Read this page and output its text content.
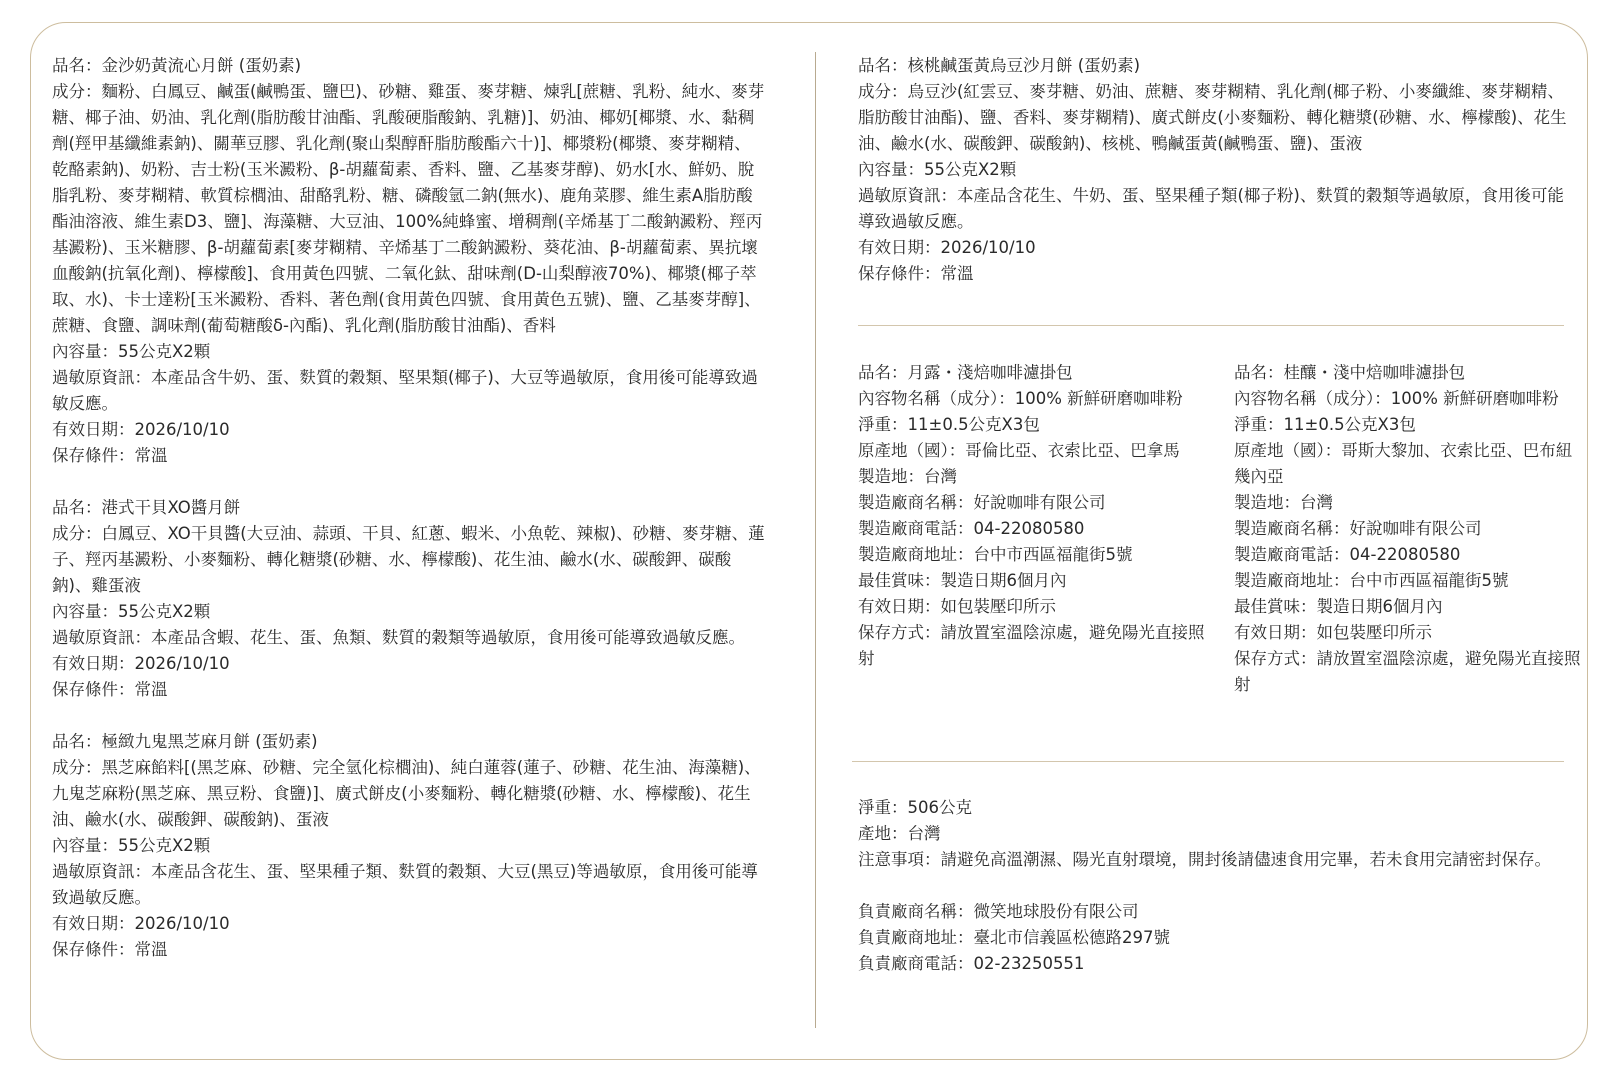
品名：金沙奶黃流心月餅 (蛋奶素)

成分：麵粉、白鳳豆、鹹蛋(鹹鴨蛋、鹽巴)、砂糖、雞蛋、麥芽糖、煉乳[蔗糖、乳粉、純水、麥芽糖、椰子油、奶油、乳化劑(脂肪酸甘油酯、乳酸硬脂酸鈉、乳糖)]、奶油、椰奶[椰漿、水、黏稠劑(羥甲基纖維素鈉)、關華豆膠、乳化劑(聚山梨醇酐脂肪酸酯六十)]、椰漿粉(椰漿、麥芽糊精、乾酪素鈉)、奶粉、吉士粉(玉米澱粉、β-胡蘿蔔素、香料、鹽、乙基麥芽醇)、奶水[水、鮮奶、脫脂乳粉、麥芽糊精、軟質棕櫚油、甜酪乳粉、糖、磷酸氫二鈉(無水)、鹿角菜膠、維生素A脂肪酸酯油溶液、維生素D3、鹽]、海藻糖、大豆油、100%純蜂蜜、增稠劑(辛烯基丁二酸鈉澱粉、羥丙基澱粉)、玉米糖膠、β-胡蘿蔔素[麥芽糊精、辛烯基丁二酸鈉澱粉、葵花油、β-胡蘿蔔素、異抗壞血酸鈉(抗氧化劑)、檸檬酸]、食用黃色四號、二氧化鈦、甜味劑(D-山梨醇液70%)、椰漿(椰子萃取、水)、卡士達粉[玉米澱粉、香料、著色劑(食用黃色四號、食用黃色五號)、鹽、乙基麥芽醇]、蔗糖、食鹽、調味劑(葡萄糖酸δ-內酯)、乳化劑(脂肪酸甘油酯)、香料

內容量：55公克X2顆

過敏原資訊：本產品含牛奶、蛋、麩質的穀類、堅果類(椰子)、大豆等過敏原，食用後可能導致過敏反應。

有效日期：2026/10/10

保存條件：常溫

品名：港式干貝XO醬月餅

成分：白鳳豆、XO干貝醬(大豆油、蒜頭、干貝、紅蔥、蝦米、小魚乾、辣椒)、砂糖、麥芽糖、蓮子、羥丙基澱粉、小麥麵粉、轉化糖漿(砂糖、水、檸檬酸)、花生油、鹼水(水、碳酸鉀、碳酸鈉)、雞蛋液

內容量：55公克X2顆

過敏原資訊：本產品含蝦、花生、蛋、魚類、麩質的穀類等過敏原，食用後可能導致過敏反應。

有效日期：2026/10/10

保存條件：常溫

品名：極緻九鬼黑芝麻月餅 (蛋奶素)

成分：黑芝麻餡料[(黑芝麻、砂糖、完全氫化棕櫚油)、純白蓮蓉(蓮子、砂糖、花生油、海藻糖)、九鬼芝麻粉(黑芝麻、黑豆粉、食鹽)]、廣式餅皮(小麥麵粉、轉化糖漿(砂糖、水、檸檬酸)、花生油、鹼水(水、碳酸鉀、碳酸鈉)、蛋液

內容量：55公克X2顆

過敏原資訊：本產品含花生、蛋、堅果種子類、麩質的穀類、大豆(黑豆)等過敏原，食用後可能導致過敏反應。

有效日期：2026/10/10

保存條件：常溫

品名：核桃鹹蛋黃烏豆沙月餅 (蛋奶素)

成分：烏豆沙(紅雲豆、麥芽糖、奶油、蔗糖、麥芽糊精、乳化劑(椰子粉、小麥纖維、麥芽糊精、脂肪酸甘油酯)、鹽、香料、麥芽糊精)、廣式餅皮(小麥麵粉、轉化糖漿(砂糖、水、檸檬酸)、花生油、鹼水(水、碳酸鉀、碳酸鈉)、核桃、鴨鹹蛋黃(鹹鴨蛋、鹽)、蛋液

內容量：55公克X2顆

過敏原資訊：本產品含花生、牛奶、蛋、堅果種子類(椰子粉)、麩質的穀類等過敏原，食用後可能導致過敏反應。

有效日期：2026/10/10

保存條件：常溫

品名：月露・淺焙咖啡濾掛包

內容物名稱（成分）：100% 新鮮研磨咖啡粉

淨重：11±0.5公克X3包

原產地（國）：哥倫比亞、衣索比亞、巴拿馬

製造地：台灣

製造廠商名稱：好說咖啡有限公司

製造廠商電話：04-22080580

製造廠商地址：台中市西區福龍街5號

最佳賞味：製造日期6個月內

有效日期：如包裝壓印所示

保存方式：請放置室溫陰涼處，避免陽光直接照射

品名：桂釀・淺中焙咖啡濾掛包

內容物名稱（成分）：100% 新鮮研磨咖啡粉

淨重：11±0.5公克X3包

原產地（國）：哥斯大黎加、衣索比亞、巴布紐幾內亞

製造地：台灣

製造廠商名稱：好說咖啡有限公司

製造廠商電話：04-22080580

製造廠商地址：台中市西區福龍街5號

最佳賞味：製造日期6個月內

有效日期：如包裝壓印所示

保存方式：請放置室溫陰涼處，避免陽光直接照射

淨重：506公克

產地：台灣

注意事項：請避免高溫潮濕、陽光直射環境，開封後請儘速食用完畢，若未食用完請密封保存。

負責廠商名稱：微笑地球股份有限公司

負責廠商地址：臺北市信義區松德路297號

負責廠商電話：02-23250551
